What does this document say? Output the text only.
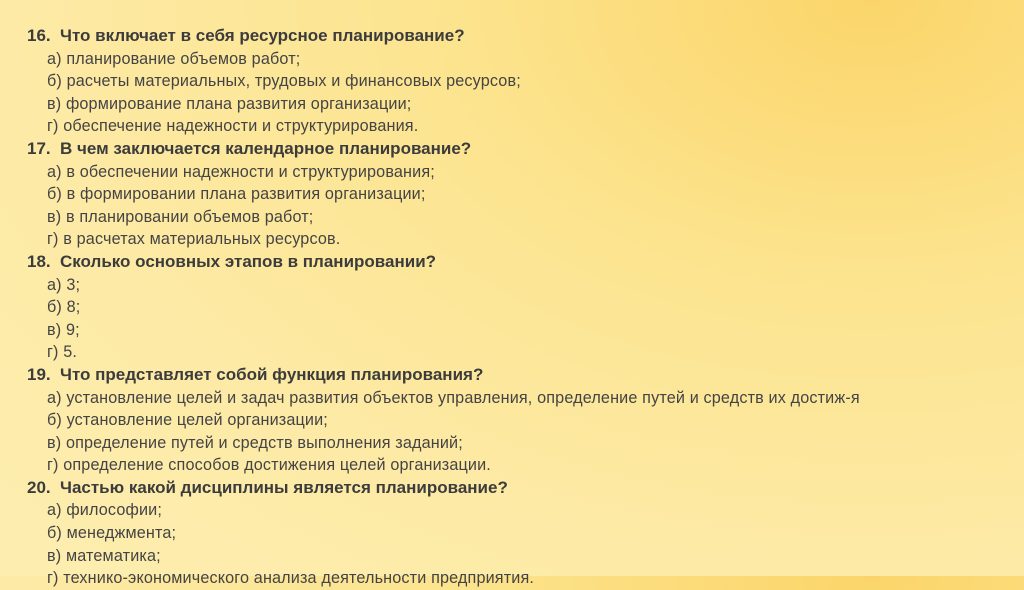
16. Что включает в себя ресурсное планирование?
а) планирование объемов работ;
б) расчеты материальных, трудовых и финансовых ресурсов;
в) формирование плана развития организации;
г) обеспечение надежности и структурирования.
17. В чем заключается календарное планирование?
а) в обеспечении надежности и структурирования;
б) в формировании плана развития организации;
в) в планировании объемов работ;
г) в расчетах материальных ресурсов.
18. Сколько основных этапов в планировании?
а) 3;
б) 8;
в) 9;
г) 5.
19. Что представляет собой функция планирования?
а) установление целей и задач развития объектов управления, определение путей и средств их достиж-я
б) установление целей организации;
в) определение путей и средств выполнения заданий;
г) определение способов достижения целей организации.
20. Частью какой дисциплины является планирование?
а) философии;
б) менеджмента;
в) математика;
г) технико-экономического анализа деятельности предприятия.
